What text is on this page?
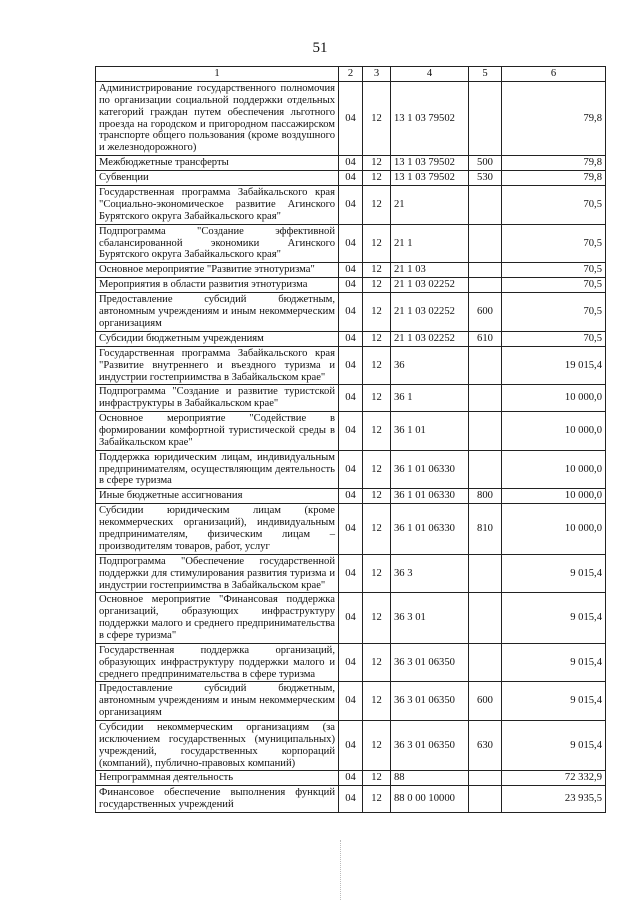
51
1	2	3	4	5	6
Администрирование государственного полномочия по организации социальной поддержки отдельных категорий граждан путем обеспечения льготного проезда на городском и пригородном пассажирском транспорте общего пользования (кроме воздушного и железнодорожного)	04	12	13 1 03 79502		79,8
Межбюджетные трансферты	04	12	13 1 03 79502	500	79,8
Субвенции	04	12	13 1 03 79502	530	79,8
Государственная программа Забайкальского края "Социально-экономическое развитие Агинского Бурятского округа Забайкальского края"	04	12	21		70,5
Подпрограмма "Создание эффективной сбалансированной экономики Агинского Бурятского округа Забайкальского края"	04	12	21 1		70,5
Основное мероприятие "Развитие этнотуризма"	04	12	21 1 03		70,5
Мероприятия в области развития этнотуризма	04	12	21 1 03 02252		70,5
Предоставление субсидий бюджетным, автономным учреждениям и иным некоммерческим организациям	04	12	21 1 03 02252	600	70,5
Субсидии бюджетным учреждениям	04	12	21 1 03 02252	610	70,5
Государственная программа Забайкальского края "Развитие внутреннего и въездного туризма и индустрии гостеприимства в Забайкальском крае"	04	12	36		19 015,4
Подпрограмма "Создание и развитие туристской инфраструктуры в Забайкальском крае"	04	12	36 1		10 000,0
Основное мероприятие "Содействие в формировании комфортной туристической среды в Забайкальском крае"	04	12	36 1 01		10 000,0
Поддержка юридическим лицам, индивидуальным предпринимателям, осуществляющим деятельность в сфере туризма	04	12	36 1 01 06330		10 000,0
Иные бюджетные ассигнования	04	12	36 1 01 06330	800	10 000,0
Субсидии юридическим лицам (кроме некоммерческих организаций), индивидуальным предпринимателям, физическим лицам – производителям товаров, работ, услуг	04	12	36 1 01 06330	810	10 000,0
Подпрограмма "Обеспечение государственной поддержки для стимулирования развития туризма и индустрии гостеприимства в Забайкальском крае"	04	12	36 3		9 015,4
Основное мероприятие "Финансовая поддержка организаций, образующих инфраструктуру поддержки малого и среднего предпринимательства в сфере туризма"	04	12	36 3 01		9 015,4
Государственная поддержка организаций, образующих инфраструктуру поддержки малого и среднего предпринимательства в сфере туризма	04	12	36 3 01 06350		9 015,4
Предоставление субсидий бюджетным, автономным учреждениям и иным некоммерческим организациям	04	12	36 3 01 06350	600	9 015,4
Субсидии некоммерческим организациям (за исключением государственных (муниципальных) учреждений, государственных корпораций (компаний), публично-правовых компаний)	04	12	36 3 01 06350	630	9 015,4
Непрограммная деятельность	04	12	88		72 332,9
Финансовое обеспечение выполнения функций государственных учреждений	04	12	88 0 00 10000		23 935,5
